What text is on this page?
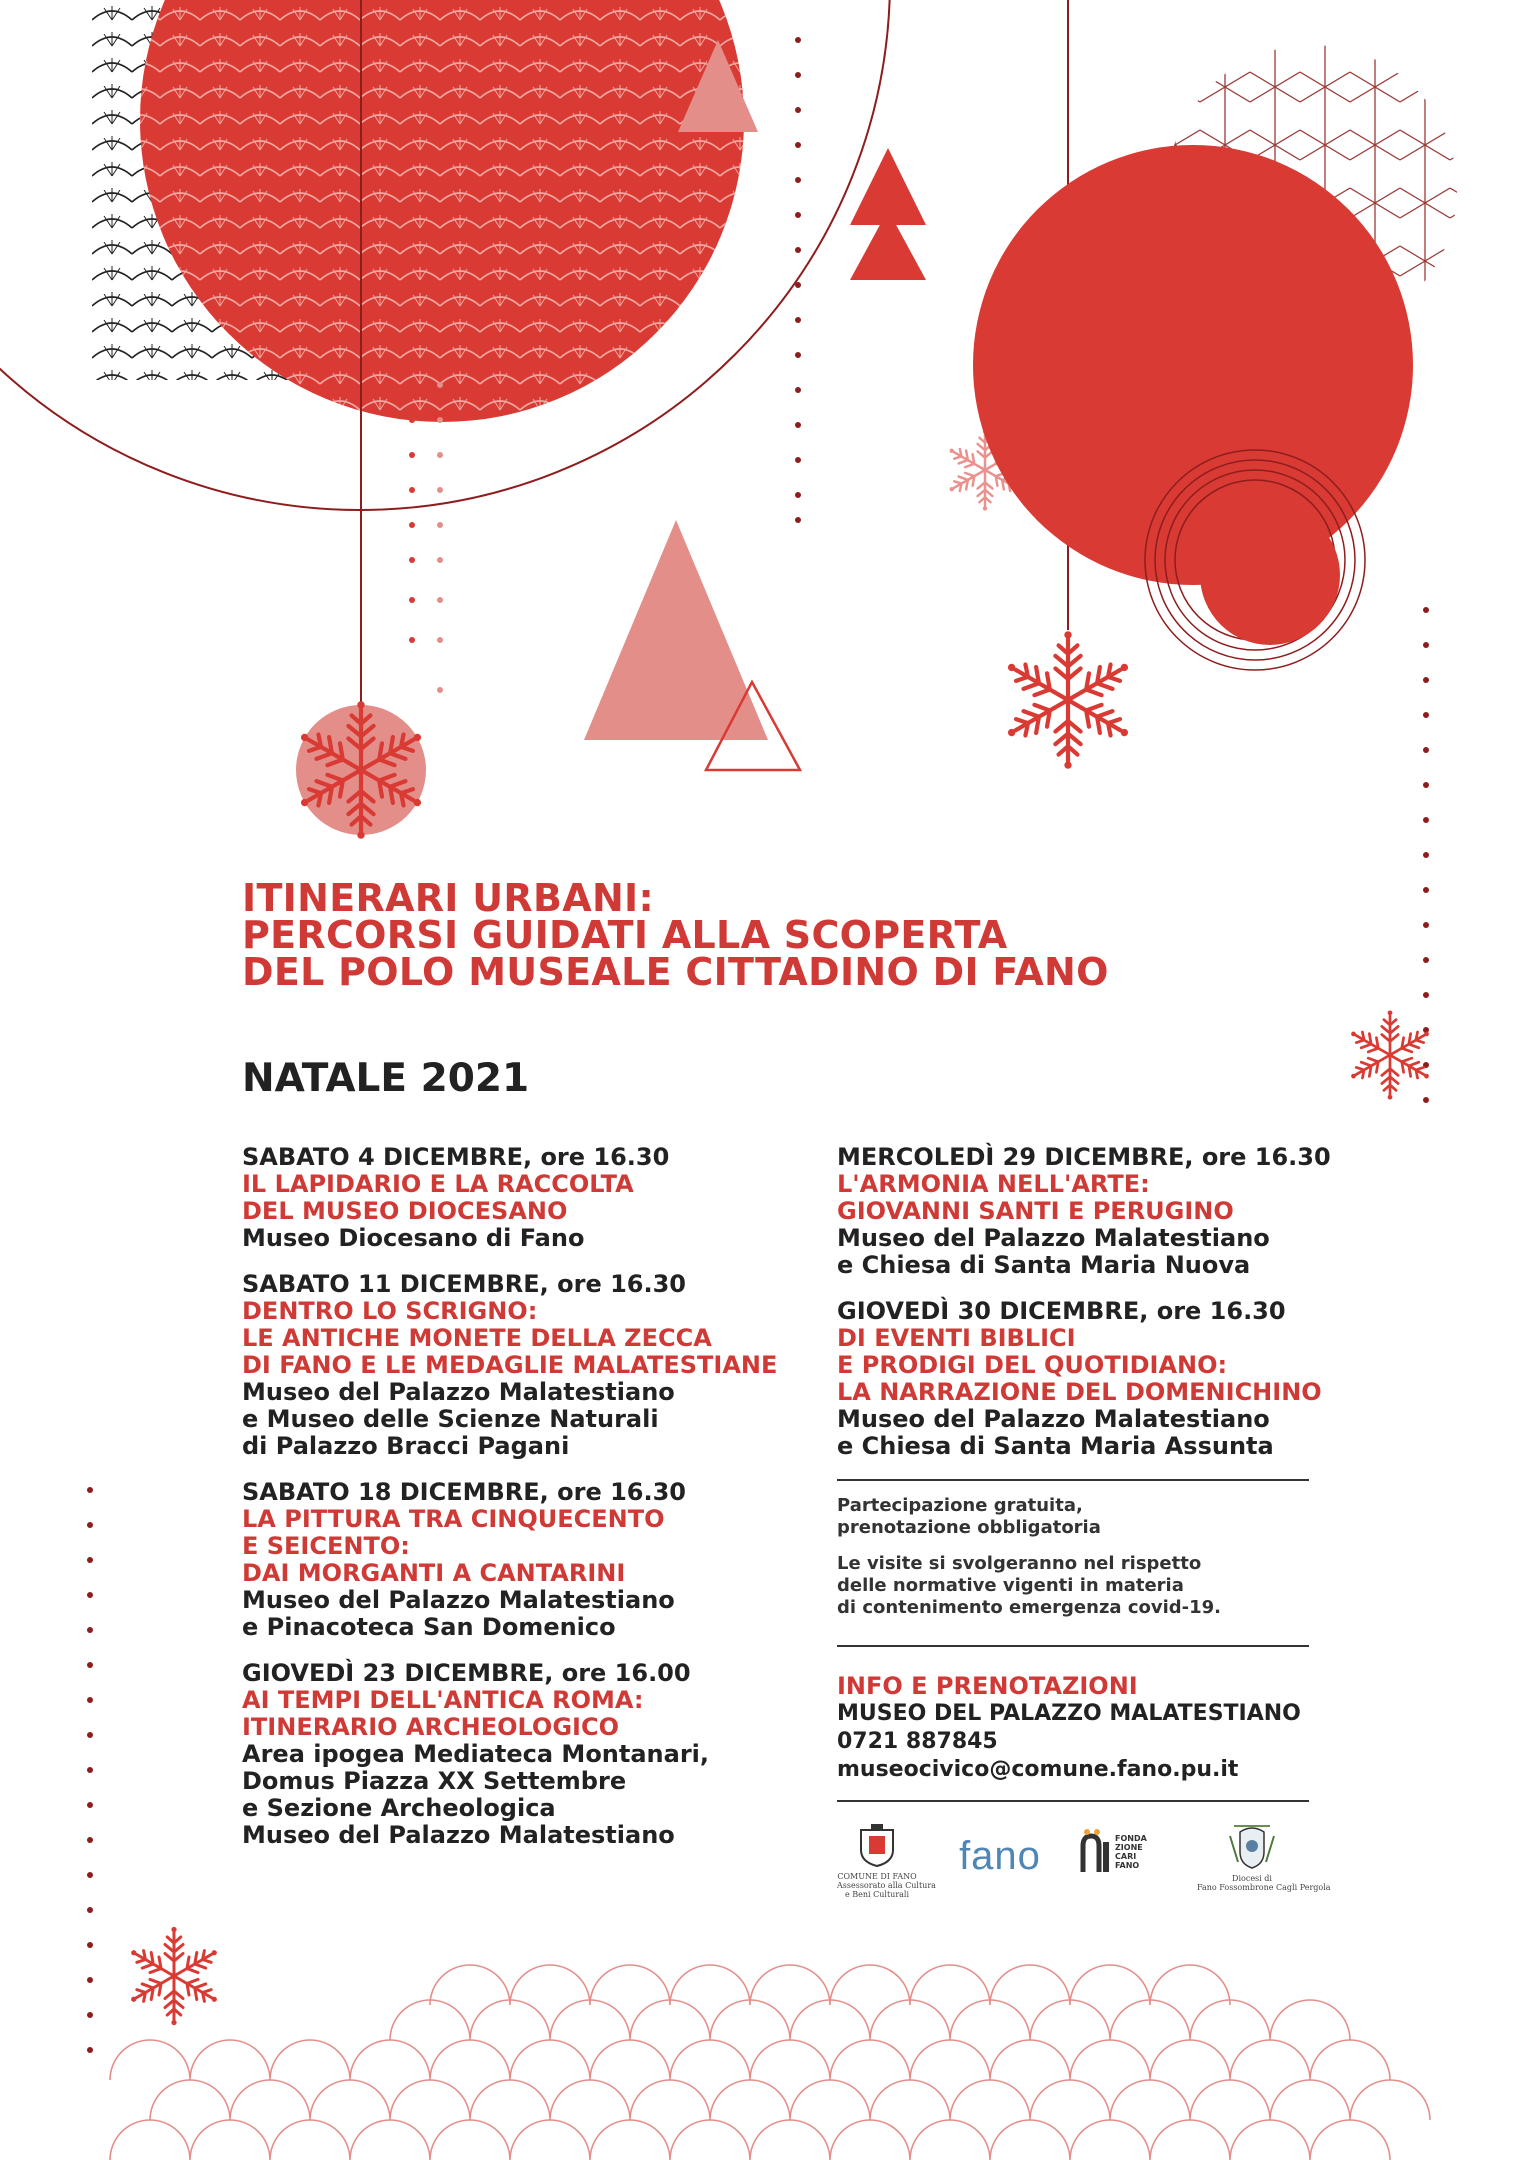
ITINERARI URBANI:
PERCORSI GUIDATI ALLA SCOPERTA
DEL POLO MUSEALE CITTADINO DI FANO
NATALE 2021
SABATO 4 DICEMBRE, ore 16.30
IL LAPIDARIO E LA RACCOLTA
DEL MUSEO DIOCESANO
Museo Diocesano di Fano
SABATO 11 DICEMBRE, ore 16.30
DENTRO LO SCRIGNO:
LE ANTICHE MONETE DELLA ZECCA
DI FANO E LE MEDAGLIE MALATESTIANE
Museo del Palazzo Malatestiano
e Museo delle Scienze Naturali
di Palazzo Bracci Pagani
SABATO 18 DICEMBRE, ore 16.30
LA PITTURA TRA CINQUECENTO
E SEICENTO:
DAI MORGANTI A CANTARINI
Museo del Palazzo Malatestiano
e Pinacoteca San Domenico
GIOVEDÌ 23 DICEMBRE, ore 16.00
AI TEMPI DELL'ANTICA ROMA:
ITINERARIO ARCHEOLOGICO
Area ipogea Mediateca Montanari,
Domus Piazza XX Settembre
e Sezione Archeologica
Museo del Palazzo Malatestiano
MERCOLEDÌ 29 DICEMBRE, ore 16.30
L'ARMONIA NELL'ARTE:
GIOVANNI SANTI E PERUGINO
Museo del Palazzo Malatestiano
e Chiesa di Santa Maria Nuova
GIOVEDÌ 30 DICEMBRE, ore 16.30
DI EVENTI BIBLICI
E PRODIGI DEL QUOTIDIANO:
LA NARRAZIONE DEL DOMENICHINO
Museo del Palazzo Malatestiano
e Chiesa di Santa Maria Assunta
Partecipazione gratuita,
prenotazione obbligatoria
Le visite si svolgeranno nel rispetto
delle normative vigenti in materia
di contenimento emergenza covid-19.
INFO E PRENOTAZIONI
MUSEO DEL PALAZZO MALATESTIANO
0721 887845
museocivico@comune.fano.pu.it
COMUNE DI FANO
Assessorato alla Cultura
e Beni Culturali
fano	FONDA
ZIONE
CARI
FANO
Diocesi di
Fano Fossombrone Cagli Pergola
